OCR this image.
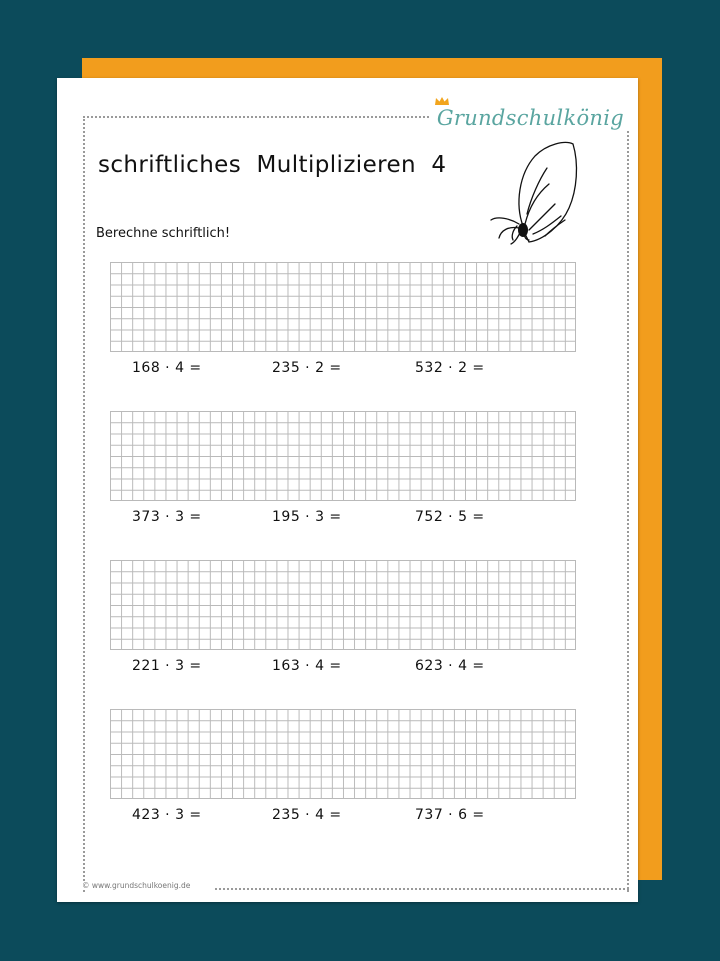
Grundschulkönig
schriftliches  Multiplizieren  4
Berechne schriftlich!
168 · 4 =	235 · 2 =	532 · 2 =
373 · 3 =	195 · 3 =	752 · 5 =
221 · 3 =	163 · 4 =	623 · 4 =
423 · 3 =	235 · 4 =	737 · 6 =
© www.grundschulkoenig.de
